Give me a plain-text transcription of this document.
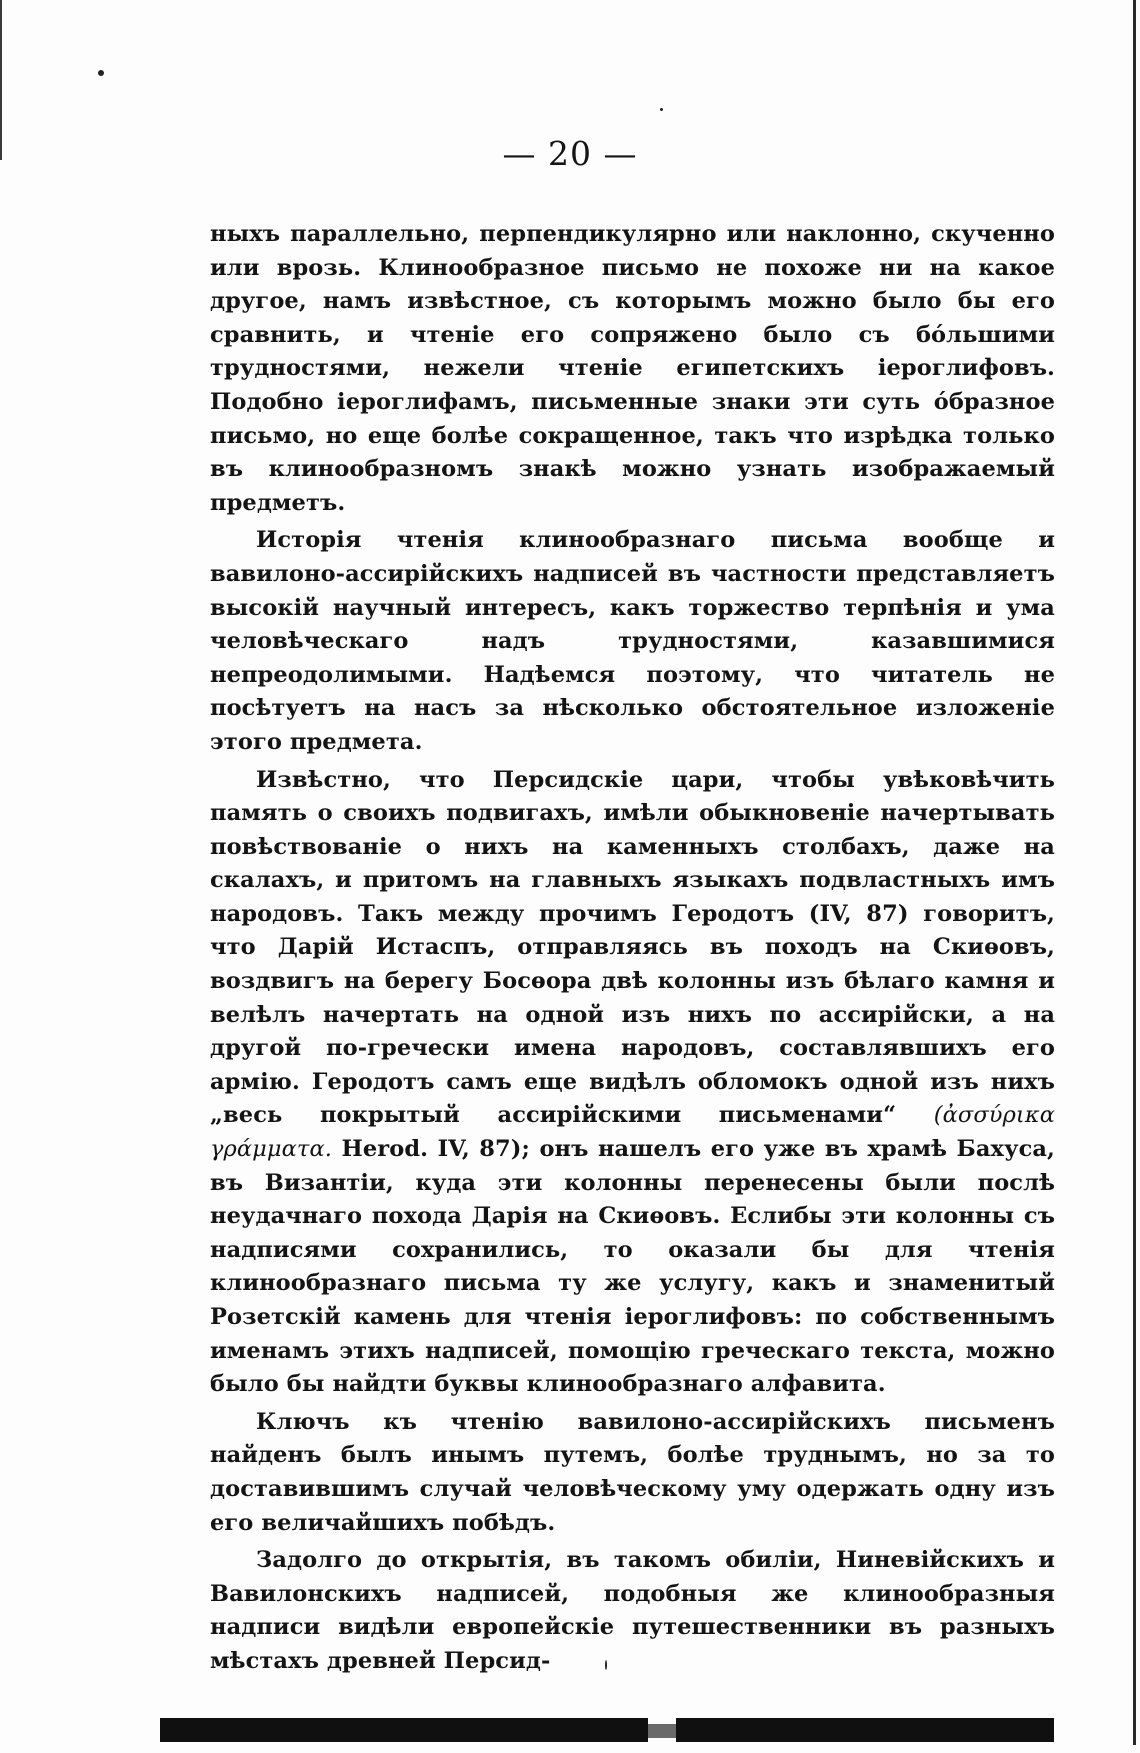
— 20 —

ныхъ параллельно, перпендикулярно или наклонно, скученно или врозь. Клинообразное письмо не похоже ни на какое другое, намъ извѣстное, съ которымъ можно было бы его сравнить, и чтенiе его сопряжено было съ бóльшими трудностями, нежели чтенiе египетскихъ iероглифовъ. Подобно iероглифамъ, письменные знаки эти суть óбразное письмо, но еще болѣе сокращенное, такъ что изрѣдка только въ клинообразномъ знакѣ можно узнать изображаемый предметъ.

Исторiя чтенiя клинообразнаго письма вообще и вавилоно-ассирiйскихъ надписей въ частности представляетъ высокiй научный интересъ, какъ торжество терпѣнiя и ума человѣческаго надъ трудностями, казавшимися непреодолимыми. Надѣемся поэтому, что читатель не посѣтуетъ на насъ за нѣсколько обстоятельное изложенiе этого предмета.

Извѣстно, что Персидскiе цари, чтобы увѣковѣчить память о своихъ подвигахъ, имѣли обыкновенiе начертывать повѣствованiе о нихъ на каменныхъ столбахъ, даже на скалахъ, и притомъ на главныхъ языкахъ подвластныхъ имъ народовъ. Такъ между прочимъ Геродотъ (IV, 87) говоритъ, что Дарiй Истаспъ, отправляясь въ походъ на Скиѳовъ, воздвигъ на берегу Босѳора двѣ колонны изъ бѣлаго камня и велѣлъ начертать на одной изъ нихъ по ассирiйски, а на другой по-гречески имена народовъ, составлявшихъ его армiю. Геродотъ самъ еще видѣлъ обломокъ одной изъ нихъ „весь покрытый ассирiйскими письменами“ (ἀσσύρικα γράμματα. Herod. IV, 87); онъ нашелъ его уже въ храмѣ Бахуса, въ Византiи, куда эти колонны перенесены были послѣ неудачнаго похода Дарiя на Скиѳовъ. Еслибы эти колонны съ надписями сохранились, то оказали бы для чтенiя клинообразнаго письма ту же услугу, какъ и знаменитый Розетскiй камень для чтенiя iероглифовъ: по собственнымъ именамъ этихъ надписей, помощiю греческаго текста, можно было бы найдти буквы клинообразнаго алфавита.

Ключъ къ чтенiю вавилоно-ассирiйскихъ письменъ найденъ былъ инымъ путемъ, болѣе труднымъ, но за то доставившимъ случай человѣческому уму одержать одну изъ его величайшихъ побѣдъ.

Задолго до открытiя, въ такомъ обилiи, Ниневiйскихъ и Вавилонскихъ надписей, подобныя же клинообразныя надписи видѣли европейскiе путешественники въ разныхъ мѣстахъ древней Персид-
